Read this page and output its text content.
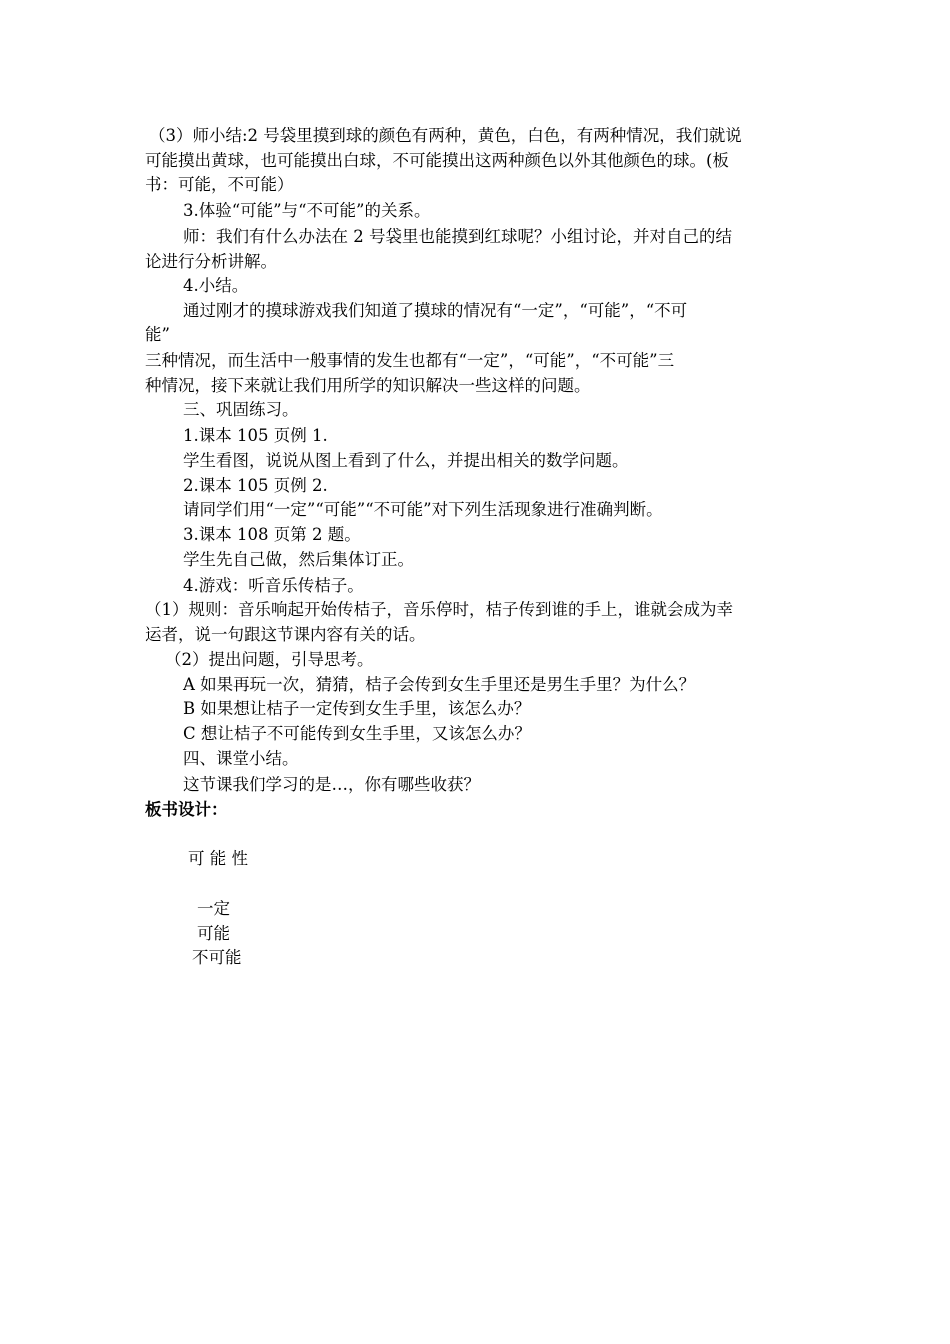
（3）师小结:2 号袋里摸到球的颜色有两种，黄色，白色，有两种情况，我们就说
可能摸出黄球，也可能摸出白球，不可能摸出这两种颜色以外其他颜色的球。(板
书：可能，不可能）
3.体验“可能”与“不可能”的关系。
师：我们有什么办法在 2 号袋里也能摸到红球呢？小组讨论，并对自己的结
论进行分析讲解。
4.小结。
通过刚才的摸球游戏我们知道了摸球的情况有“一定”，“可能”，“不可
能”
三种情况，而生活中一般事情的发生也都有“一定”，“可能”，“不可能”三
种情况，接下来就让我们用所学的知识解决一些这样的问题。
三、巩固练习。
1.课本 105 页例 1.
学生看图，说说从图上看到了什么，并提出相关的数学问题。
2.课本 105 页例 2.
请同学们用“一定”“可能”“不可能”对下列生活现象进行准确判断。
3.课本 108 页第 2 题。
学生先自己做，然后集体订正。
4.游戏：听音乐传桔子。
（1）规则：音乐响起开始传桔子，音乐停时，桔子传到谁的手上，谁就会成为幸
运者，说一句跟这节课内容有关的话。
（2）提出问题，引导思考。
A 如果再玩一次，猜猜，桔子会传到女生手里还是男生手里？为什么？
B 如果想让桔子一定传到女生手里，该怎么办？
C 想让桔子不可能传到女生手里，又该怎么办？
四、课堂小结。
这节课我们学习的是…，你有哪些收获？
板书设计：
可 能 性
一定
可能
不可能
